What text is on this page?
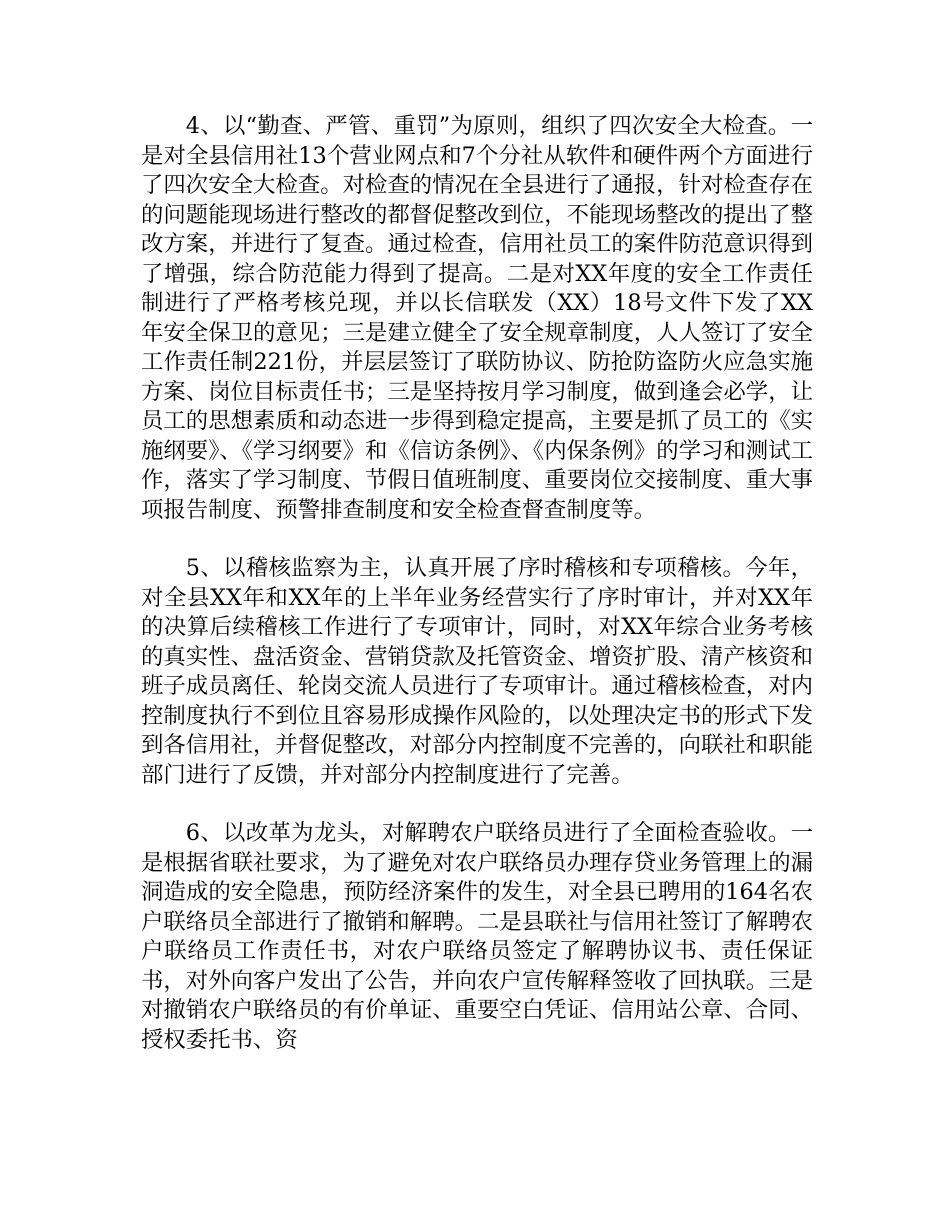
4、以“勤查、严管、重罚”为原则，组织了四次安全大检查。一是对全县信用社13个营业网点和7个分社从软件和硬件两个方面进行了四次安全大检查。对检查的情况在全县进行了通报，针对检查存在的问题能现场进行整改的都督促整改到位，不能现场整改的提出了整改方案，并进行了复查。通过检查，信用社员工的案件防范意识得到了增强，综合防范能力得到了提高。二是对XX年度的安全工作责任制进行了严格考核兑现，并以长信联发（XX）18号文件下发了XX年安全保卫的意见；三是建立健全了安全规章制度，人人签订了安全工作责任制221份，并层层签订了联防协议、防抢防盗防火应急实施方案、岗位目标责任书；三是坚持按月学习制度，做到逢会必学，让员工的思想素质和动态进一步得到稳定提高，主要是抓了员工的《实施纲要》、《学习纲要》和《信访条例》、《内保条例》的学习和测试工作，落实了学习制度、节假日值班制度、重要岗位交接制度、重大事项报告制度、预警排查制度和安全检查督查制度等。

5、以稽核监察为主，认真开展了序时稽核和专项稽核。今年，对全县XX年和XX年的上半年业务经营实行了序时审计，并对XX年的决算后续稽核工作进行了专项审计，同时，对XX年综合业务考核的真实性、盘活资金、营销贷款及托管资金、增资扩股、清产核资和班子成员离任、轮岗交流人员进行了专项审计。通过稽核检查，对内控制度执行不到位且容易形成操作风险的，以处理决定书的形式下发到各信用社，并督促整改，对部分内控制度不完善的，向联社和职能部门进行了反馈，并对部分内控制度进行了完善。

6、以改革为龙头，对解聘农户联络员进行了全面检查验收。一是根据省联社要求，为了避免对农户联络员办理存贷业务管理上的漏洞造成的安全隐患，预防经济案件的发生，对全县已聘用的164名农户联络员全部进行了撤销和解聘。二是县联社与信用社签订了解聘农户联络员工作责任书，对农户联络员签定了解聘协议书、责任保证书，对外向客户发出了公告，并向农户宣传解释签收了回执联。三是对撤销农户联络员的有价单证、重要空白凭证、信用站公章、合同、授权委托书、资
